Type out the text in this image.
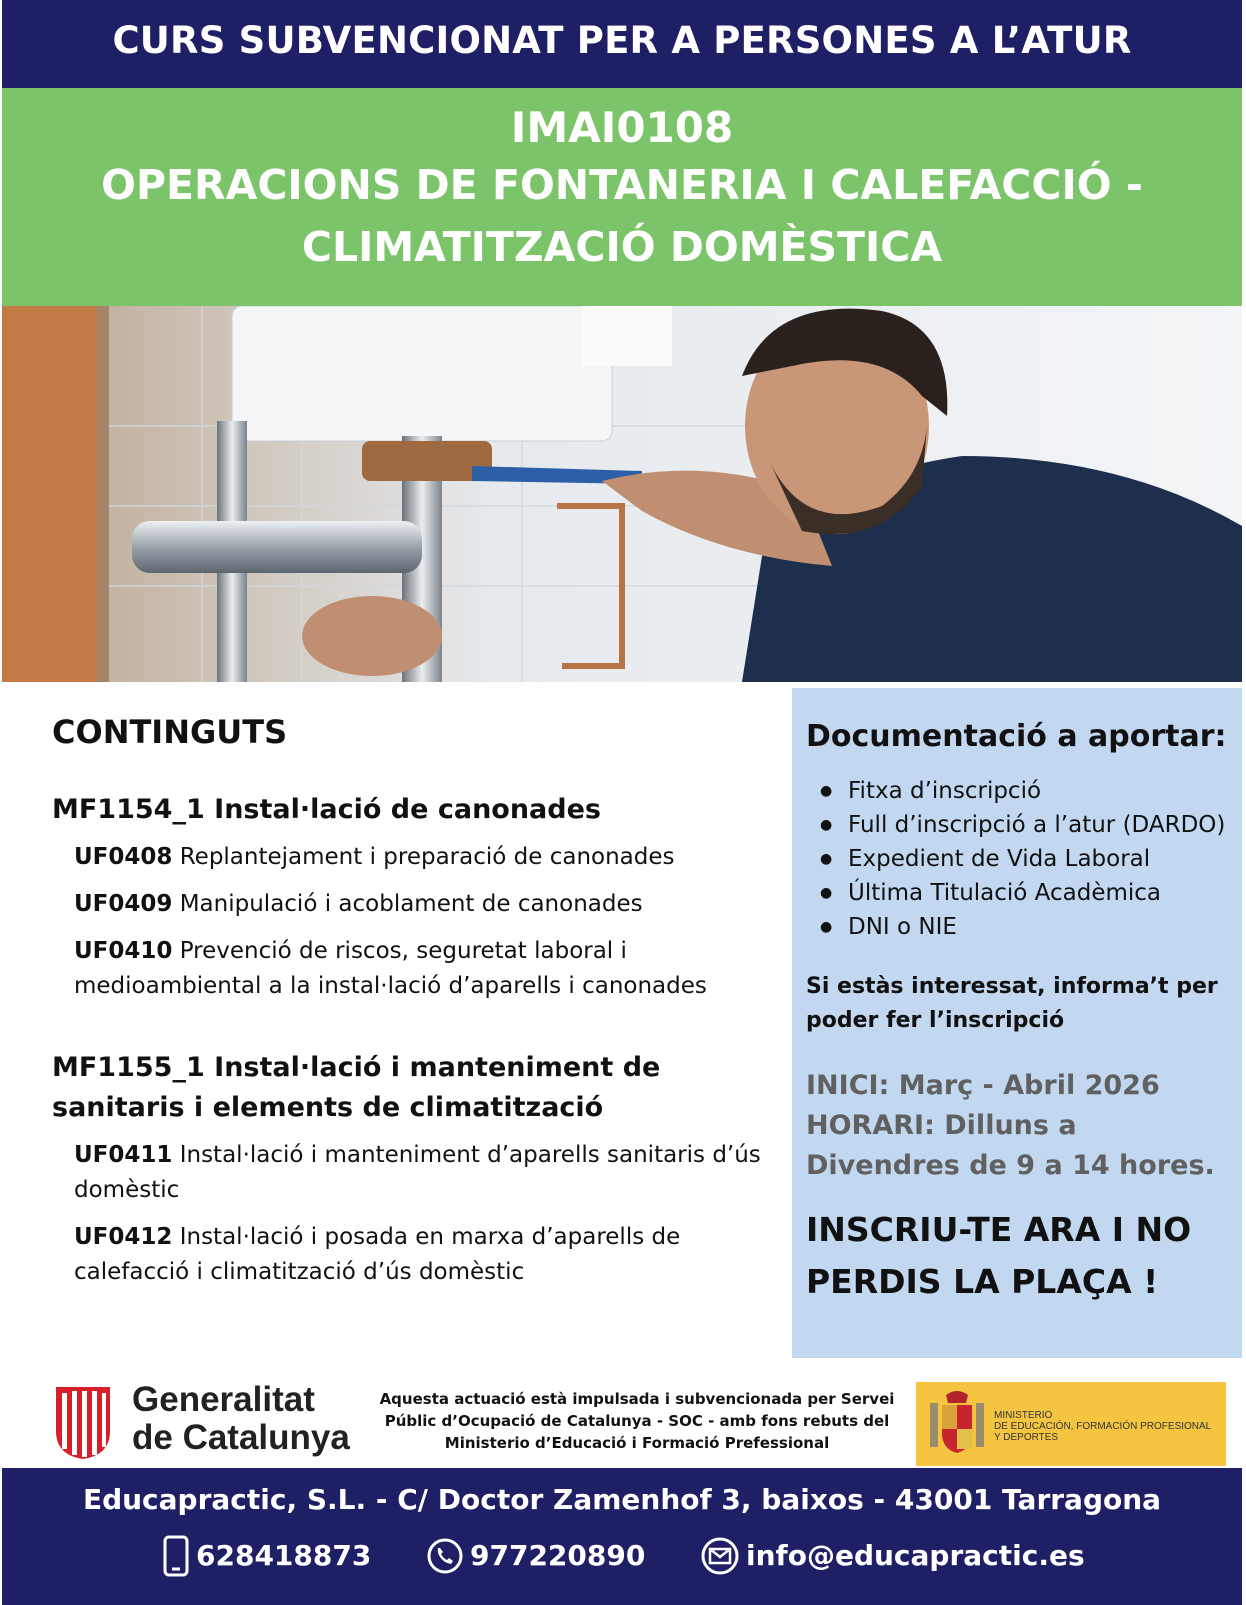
CURS SUBVENCIONAT PER A PERSONES A L’ATUR
IMAI0108
OPERACIONS DE FONTANERIA I CALEFACCIÓ -
CLIMATITZACIÓ DOMÈSTICA
CONTINGUTS
MF1154_1 Instal·lació de canonades
UF0408 Replantejament i preparació de canonades
UF0409 Manipulació i acoblament de canonades
UF0410 Prevenció de riscos, seguretat laboral i medioambiental a la instal·lació d’aparells i canonades
MF1155_1 Instal·lació i manteniment de sanitaris i elements de climatització
UF0411 Instal·lació i manteniment d’aparells sanitaris d’ús domèstic
UF0412 Instal·lació i posada en marxa d’aparells de calefacció i climatització d’ús domèstic
Documentació a aportar:
● Fitxa d’inscripció
● Full d’inscripció a l’atur (DARDO)
● Expedient de Vida Laboral
● Última Titulació Acadèmica
● DNI o NIE
Si estàs interessat, informa’t per poder fer l’inscripció
INICI: Març - Abril 2026
HORARI: Dilluns a Divendres de 9 a 14 hores.
INSCRIU-TE ARA I NO PERDIS LA PLAÇA !
Generalitat
de Catalunya
Aquesta actuació està impulsada i subvencionada per Servei Públic d’Ocupació de Catalunya - SOC - amb fons rebuts del Ministerio d’Educació i Formació Prefessional
MINISTERIO
DE EDUCACIÓN, FORMACIÓN PROFESIONAL
Y DEPORTES
Educapractic, S.L. - C/ Doctor Zamenhof 3, baixos - 43001 Tarragona
628418873	977220890	info@educapractic.es
